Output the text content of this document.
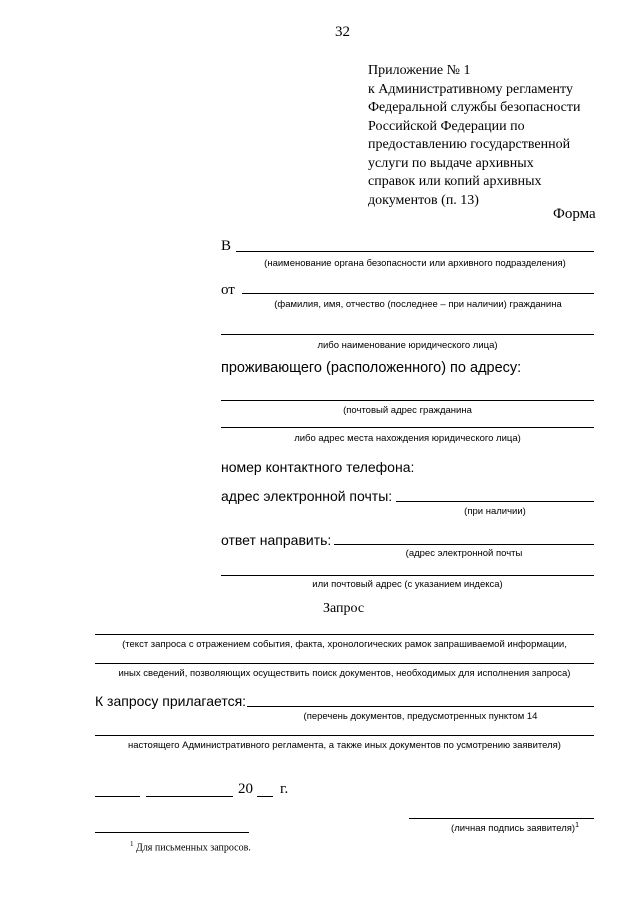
32
Приложение № 1
к Административному регламенту
Федеральной службы безопасности
Российской Федерации по
предоставлению государственной
услуги по выдаче архивных
справок или копий архивных
документов (п. 13)
Форма
В
(наименование органа безопасности или архивного подразделения)
от
(фамилия, имя, отчество (последнее – при наличии) гражданина
либо наименование юридического лица)
проживающего (расположенного) по адресу:
(почтовый адрес гражданина
либо адрес места нахождения юридического лица)
номер контактного телефона:
адрес электронной почты:
(при наличии)
ответ направить:
(адрес электронной почты
или почтовый адрес (с указанием индекса)
Запрос
(текст запроса с отражением события, факта, хронологических рамок запрашиваемой информации,
иных сведений, позволяющих осуществить поиск документов, необходимых для исполнения запроса)
К запросу прилагается:
(перечень документов, предусмотренных пунктом 14
настоящего Административного регламента, а также иных документов по усмотрению заявителя)
20 г.
(личная подпись заявителя)$^1$
$^1$ Для письменных запросов.
